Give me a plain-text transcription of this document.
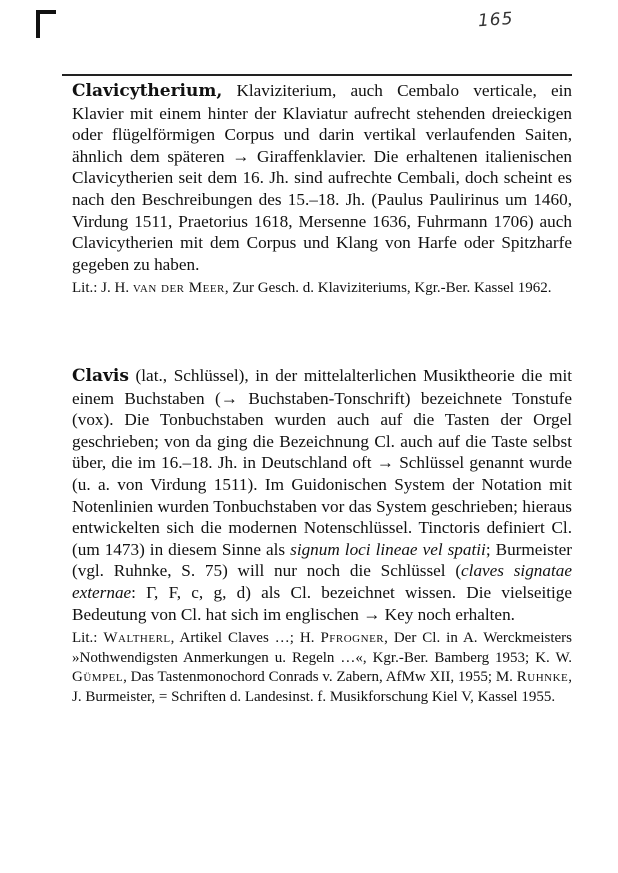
165

Clavicytherium, Klaviziterium, auch Cembalo verticale, ein Klavier mit einem hinter der Klaviatur aufrecht stehenden dreieckigen oder flügelförmigen Corpus und darin vertikal verlaufenden Saiten, ähnlich dem späteren → Giraffenklavier. Die erhaltenen italienischen Clavicytherien seit dem 16. Jh. sind aufrechte Cembali, doch scheint es nach den Beschreibungen des 15.–18. Jh. (Paulus Paulirinus um 1460, Virdung 1511, Praetorius 1618, Mersenne 1636, Fuhrmann 1706) auch Clavicytherien mit dem Corpus und Klang von Harfe oder Spitzharfe gegeben zu haben.

Lit.: J. H. van der Meer, Zur Gesch. d. Klaviziteriums, Kgr.-Ber. Kassel 1962.

Clavis (lat., Schlüssel), in der mittelalterlichen Musiktheorie die mit einem Buchstaben (→ Buchstaben-Tonschrift) bezeichnete Tonstufe (vox). Die Tonbuchstaben wurden auch auf die Tasten der Orgel geschrieben; von da ging die Bezeichnung Cl. auch auf die Taste selbst über, die im 16.–18. Jh. in Deutschland oft → Schlüssel genannt wurde (u. a. von Virdung 1511). Im Guidonischen System der Notation mit Notenlinien wurden Tonbuchstaben vor das System geschrieben; hieraus entwickelten sich die modernen Notenschlüssel. Tinctoris definiert Cl. (um 1473) in diesem Sinne als signum loci lineae vel spatii; Burmeister (vgl. Ruhnke, S. 75) will nur noch die Schlüssel (claves signatae externae: Γ, F, c, g, d) als Cl. bezeichnet wissen. Die vielseitige Bedeutung von Cl. hat sich im englischen → Key noch erhalten.

Lit.: Waltherl, Artikel Claves …; H. Pfrogner, Der Cl. in A. Werckmeisters »Nothwendigsten Anmerkungen u. Regeln …«, Kgr.-Ber. Bamberg 1953; K. W. Gümpel, Das Tastenmonochord Conrads v. Zabern, AfMw XII, 1955; M. Ruhnke, J. Burmeister, = Schriften d. Landesinst. f. Musikforschung Kiel V, Kassel 1955.
